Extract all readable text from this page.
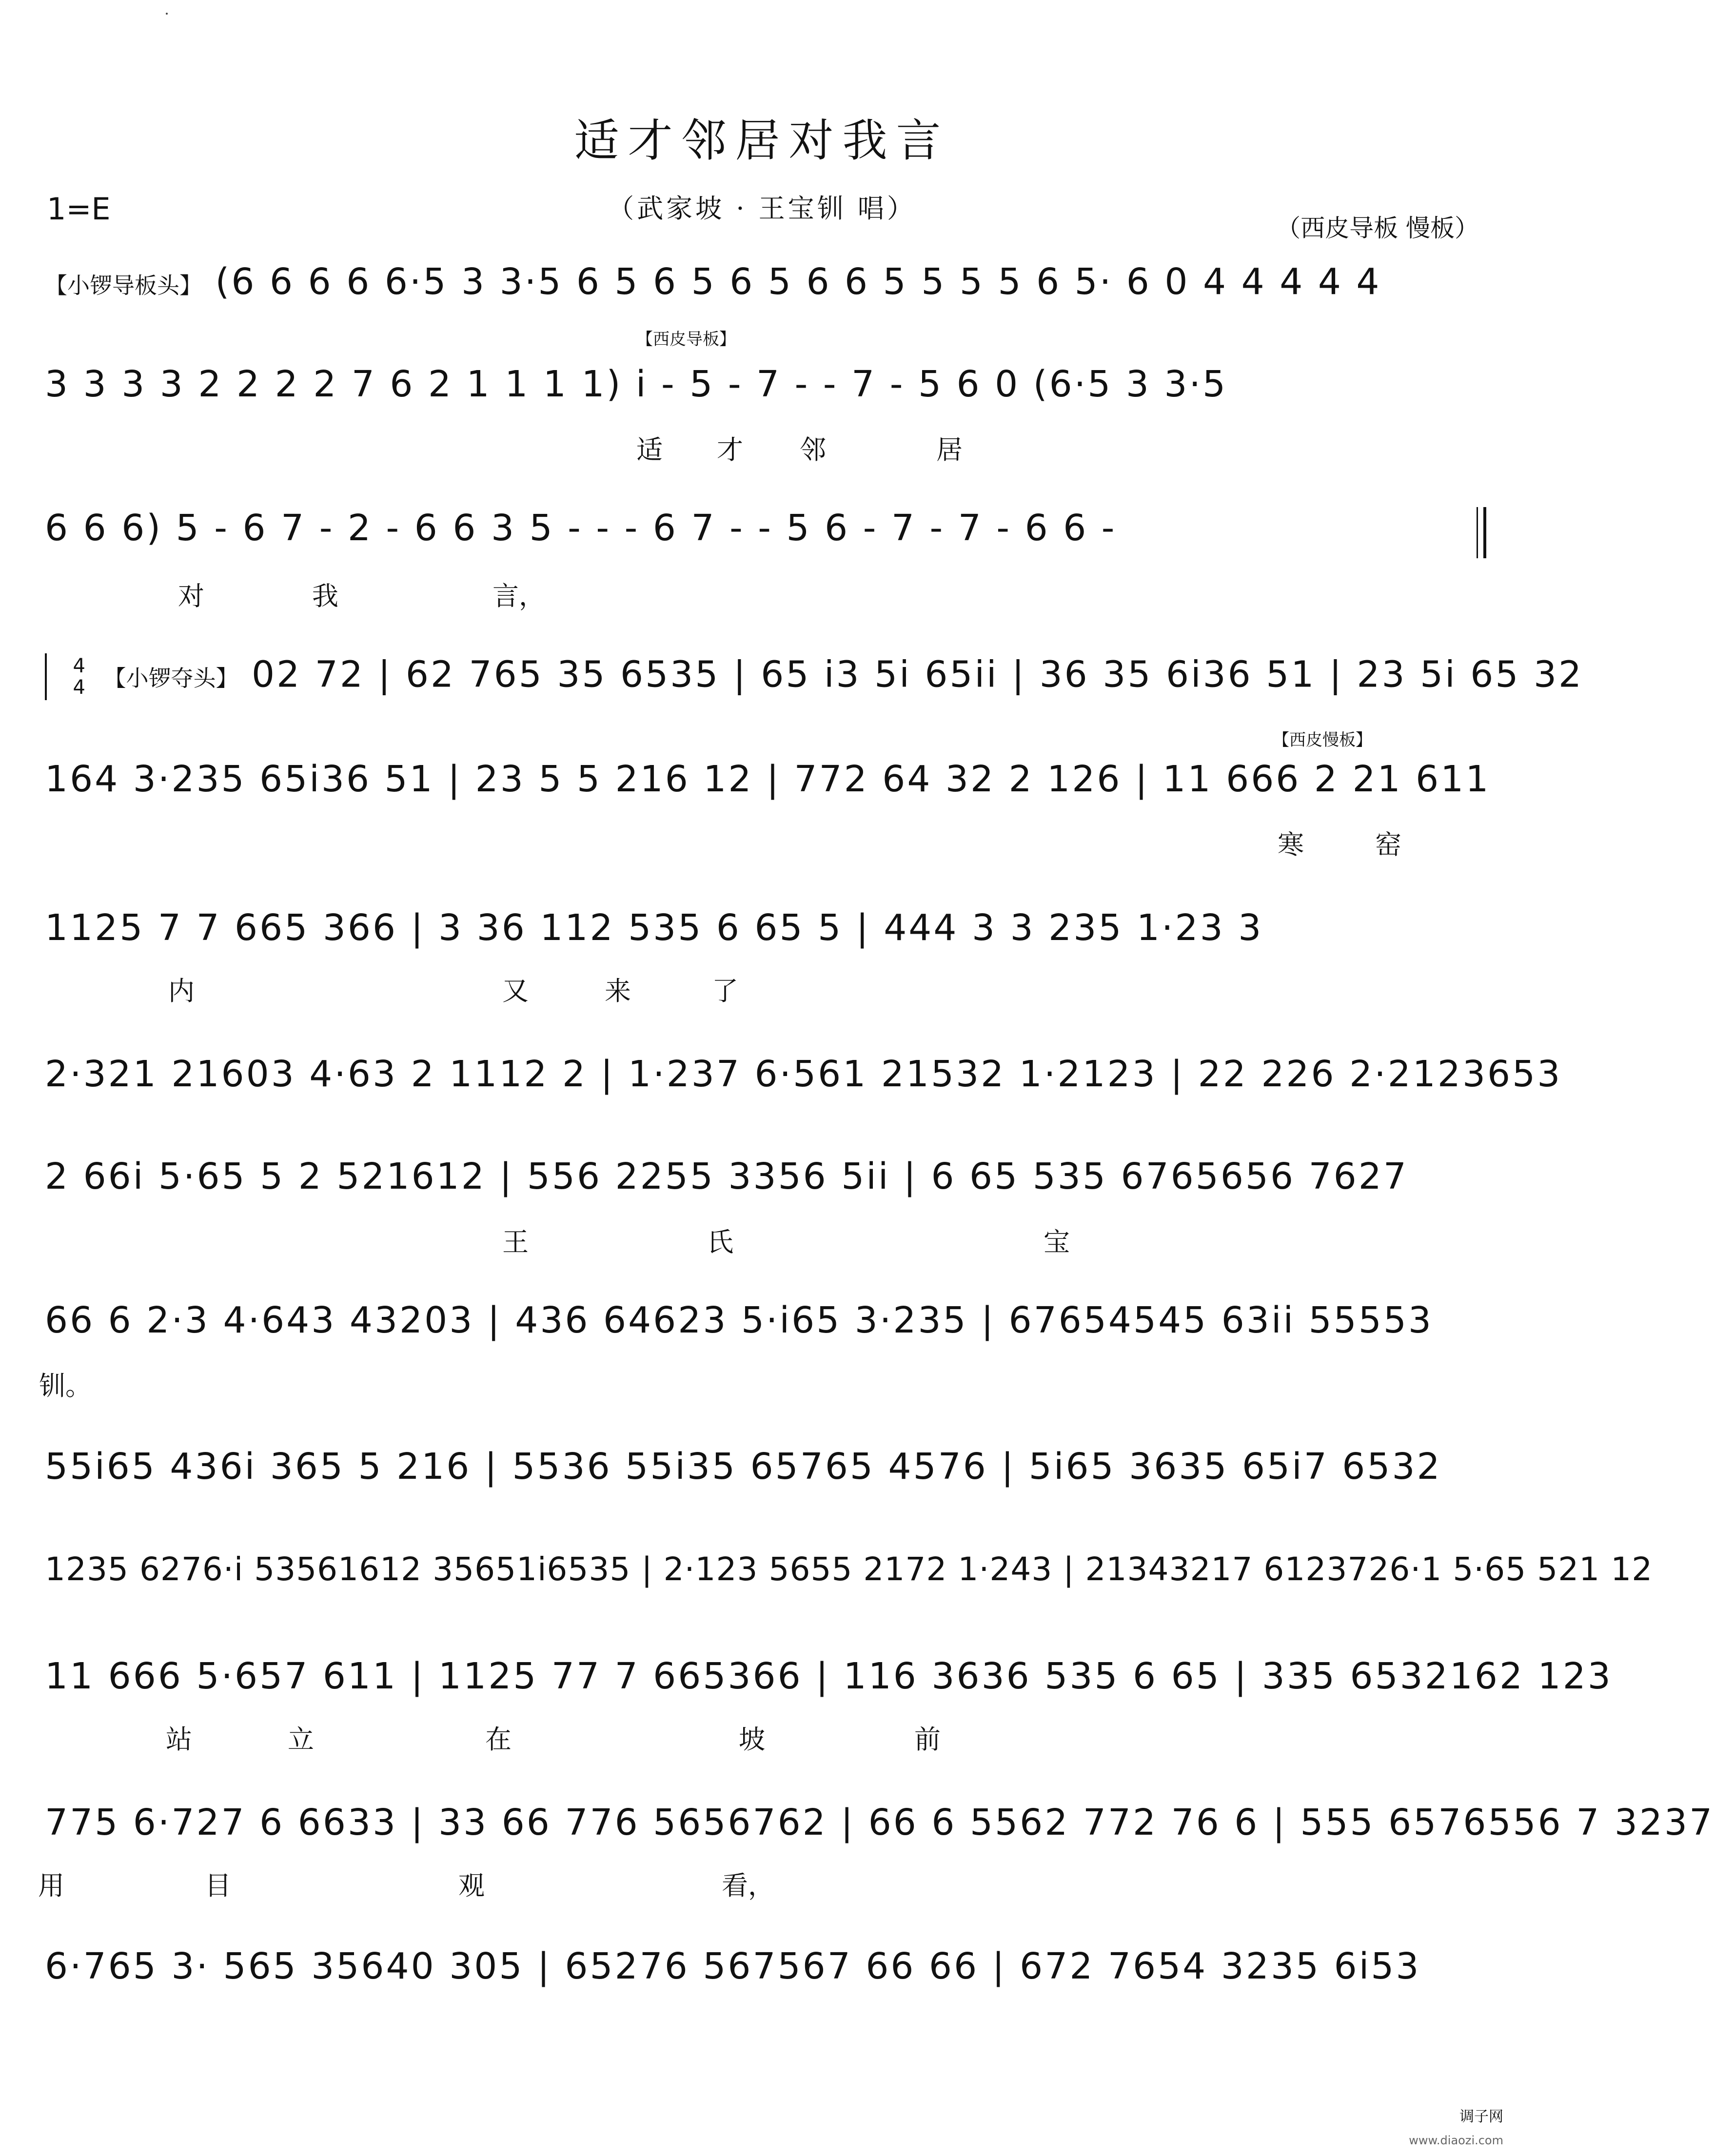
适才邻居对我言
1=E	（武家坡 · 王宝钏 唱）
（西皮导板 慢板）
【小锣导板头】 (6 6 6 6 6·5 3 3·5 6 5 6 5 6 5 6 6 5 5 5 5 6 5· 6 0 4 4 4 4 4
【西皮导板】
3 3 3 3 2 2 2 2 7 6 2 1 1 1 1) i - 5 - 7 - - 7 - 5 6 0 (6·5 3 3·5
适 才 邻	居
6 6 6) 5 - 6 7 - 2 - 6 6 3 5 - - - 6 7 - - 5 6 - 7 - 7 - 6 6 -
对	我	言，
4
4 【小锣夺头】 02 72 | 62 765 35 6535 | 65 i3 5i 65ii | 36 35 6i36 51 | 23 5i 65 32
【西皮慢板】
164 3·235 65i36 51 | 23 5 5 216 12 | 772 64 32 2 126 | 11 666 2 21 611
寒	窑
1125 7 7 665 366 | 3 36 112 535 6 65 5 | 444 3 3 235 1·23 3
内	又	来	了
2·321 21603 4·63 2 1112 2 | 1·237 6·561 21532 1·2123 | 22 226 2·2123653
2 66i 5·65 5 2 521612 | 556 2255 3356 5ii | 6 65 535 6765656 7627
王	氏	宝
66 6 2·3 4·643 43203 | 436 64623 5·i65 3·235 | 67654545 63ii 55553
钏。
55i65 436i 365 5 216 | 5536 55i35 65765 4576 | 5i65 3635 65i7 6532
1235 6276·i 53561612 35651i6535 | 2·123 5655 2172 1·243 | 21343217 6123726·1 5·65 521 12
11 666 5·657 611 | 1125 77 7 665366 | 116 3636 535 6 65 | 335 6532162 123
站	立	在	坡	前
775 6·727 6 6633 | 33 66 776 5656762 | 66 6 5562 772 76 6 | 555 6576556 7 3237
用	目	观	看，
6·765 3· 565 35640 305 | 65276 567567 66 66 | 672 7654 3235 6i53
调子网
www.diaozi.com
